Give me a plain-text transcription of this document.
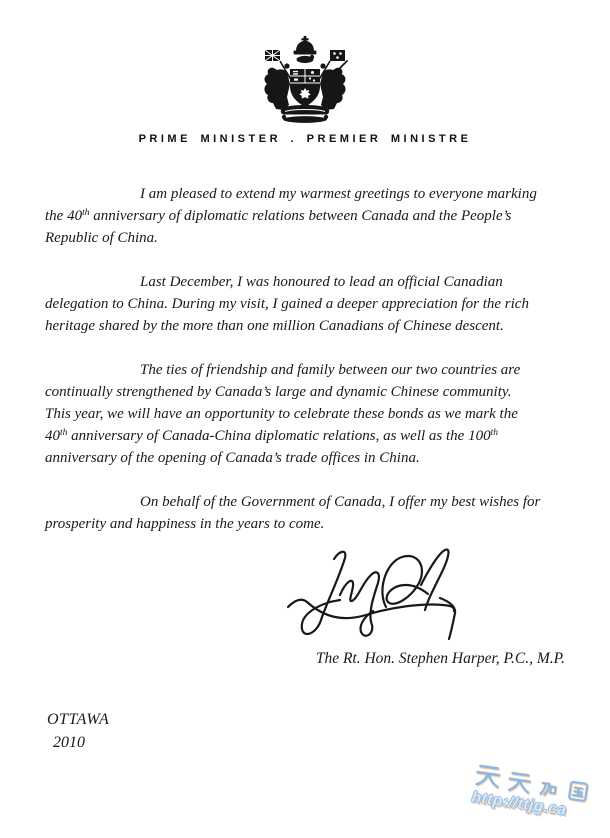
PRIME MINISTER . PREMIER MINISTRE

I am pleased to extend my warmest greetings to everyone marking
the 40th anniversary of diplomatic relations between Canada and the People’s
Republic of China.

Last December, I was honoured to lead an official Canadian
delegation to China. During my visit, I gained a deeper appreciation for the rich
heritage shared by the more than one million Canadians of Chinese descent.

The ties of friendship and family between our two countries are
continually strengthened by Canada’s large and dynamic Chinese community.
This year, we will have an opportunity to celebrate these bonds as we mark the
40th anniversary of Canada-China diplomatic relations, as well as the 100th
anniversary of the opening of Canada’s trade offices in China.

On behalf of the Government of Canada, I offer my best wishes for
prosperity and happiness in the years to come.

The Rt. Hon. Stephen Harper, P.C., M.P.
OTTAWA
2010
http://ttjg.ca
